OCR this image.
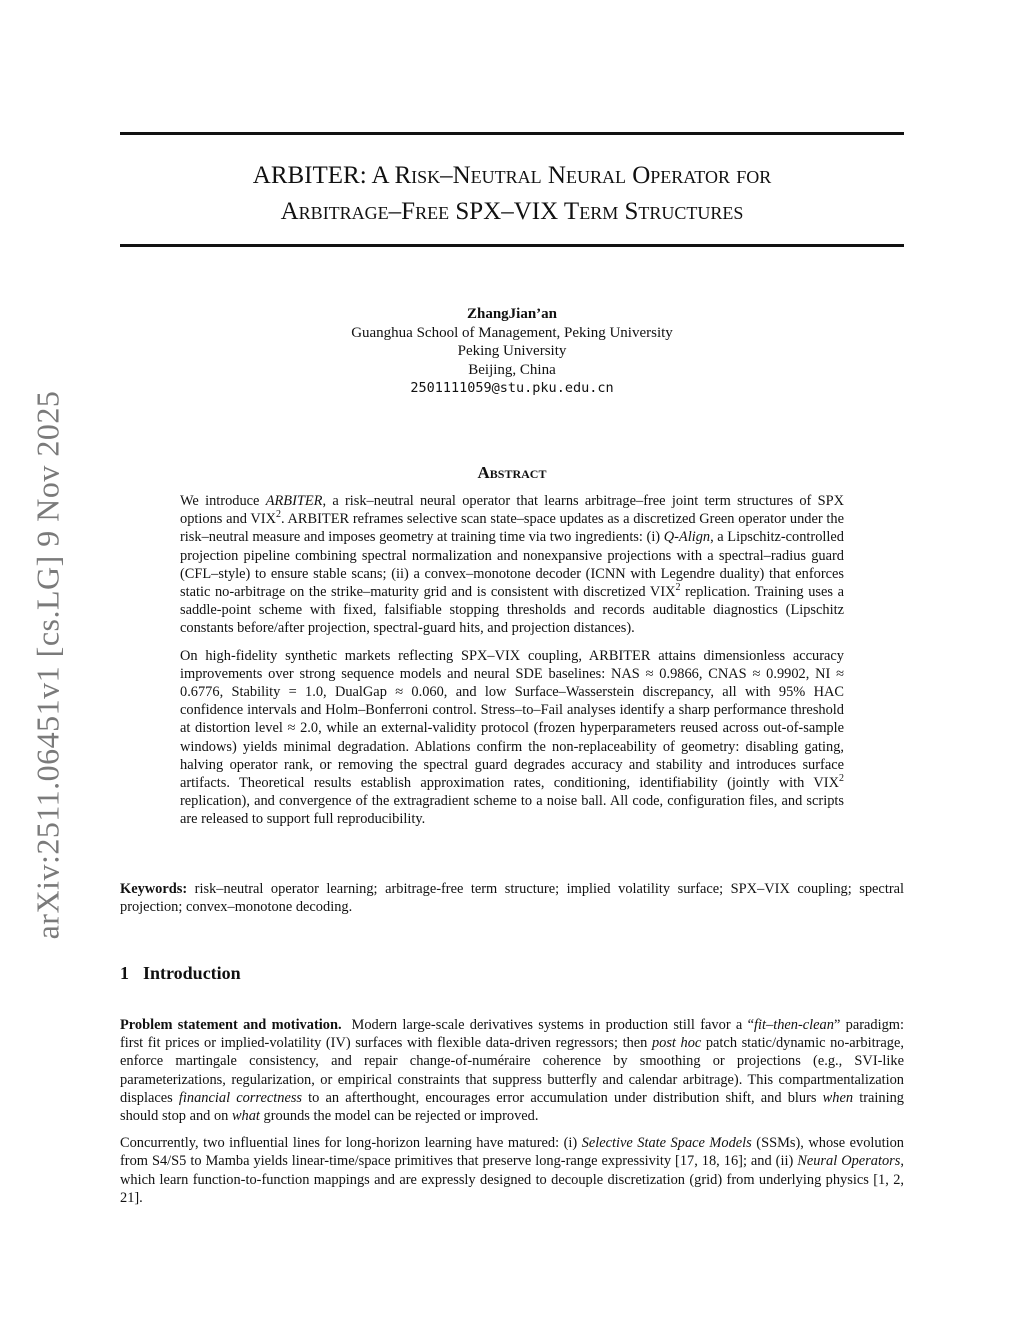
arXiv:2511.06451v1 [cs.LG] 9 Nov 2025
ARBITER: A Risk–Neutral Neural Operator for
Arbitrage–Free SPX–VIX Term Structures
ZhangJian’an
Guanghua School of Management, Peking University
Peking University
Beijing, China
2501111059@stu.pku.edu.cn
Abstract

We introduce ARBITER, a risk–neutral neural operator that learns arbitrage–free joint term structures of SPX options and VIX$^2$. ARBITER reframes selective scan state–space updates as a discretized Green operator under the risk–neutral measure and imposes geometry at training time via two ingredients: (i) Q-Align, a Lipschitz-controlled projection pipeline combining spectral normalization and nonexpansive projections with a spectral–radius guard (CFL–style) to ensure stable scans; (ii) a convex–monotone decoder (ICNN with Legendre duality) that enforces static no-arbitrage on the strike–maturity grid and is consistent with discretized VIX$^2$ replication. Training uses a saddle-point scheme with fixed, falsifiable stopping thresholds and records auditable diagnostics (Lipschitz constants before/after projection, spectral-guard hits, and projection distances).

On high-fidelity synthetic markets reflecting SPX–VIX coupling, ARBITER attains dimensionless accuracy improvements over strong sequence models and neural SDE baselines: NAS ≈ 0.9866, CNAS ≈ 0.9902, NI ≈ 0.6776, Stability = 1.0, DualGap ≈ 0.060, and low Surface–Wasserstein discrepancy, all with 95% HAC confidence intervals and Holm–Bonferroni control. Stress–to–Fail analyses identify a sharp performance threshold at distortion level ≈ 2.0, while an external-validity protocol (frozen hyperparameters reused across out-of-sample windows) yields minimal degradation. Ablations confirm the non-replaceability of geometry: disabling gating, halving operator rank, or removing the spectral guard degrades accuracy and stability and introduces surface artifacts. Theoretical results establish approximation rates, conditioning, identifiability (jointly with VIX$^2$ replication), and convergence of the extragradient scheme to a noise ball. All code, configuration files, and scripts are released to support full reproducibility.

Keywords: risk–neutral operator learning; arbitrage-free term structure; implied volatility surface; SPX–VIX coupling; spectral projection; convex–monotone decoding.
1 Introduction

Problem statement and motivation. Modern large-scale derivatives systems in production still favor a “fit–then-clean” paradigm: first fit prices or implied-volatility (IV) surfaces with flexible data-driven regressors; then post hoc patch static/dynamic no-arbitrage, enforce martingale consistency, and repair change-of-numéraire coherence by smoothing or projections (e.g., SVI-like parameterizations, regularization, or empirical constraints that suppress butterfly and calendar arbitrage). This compartmentalization displaces financial correctness to an afterthought, encourages error accumulation under distribution shift, and blurs when training should stop and on what grounds the model can be rejected or improved.

Concurrently, two influential lines for long-horizon learning have matured: (i) Selective State Space Models (SSMs), whose evolution from S4/S5 to Mamba yields linear-time/space primitives that preserve long-range expressivity [17, 18, 16]; and (ii) Neural Operators, which learn function-to-function mappings and are expressly designed to decouple discretization (grid) from underlying physics [1, 2, 21].
